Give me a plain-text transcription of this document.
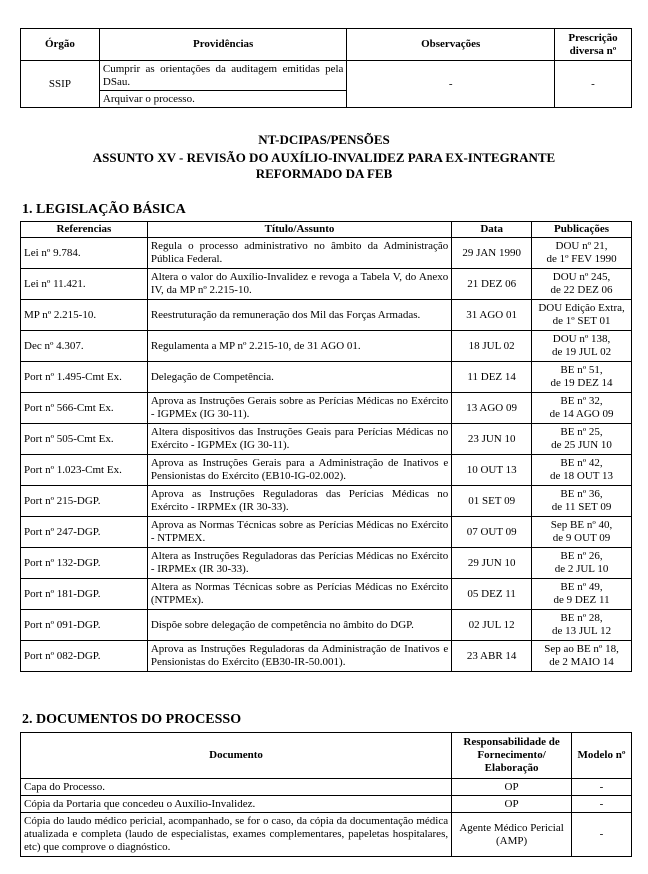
Órgão	Providências	Observações	Prescrição diversa nº
SSIP	Cumprir as orientações da auditagem emitidas pela DSau.	-	-
	Arquivar o processo.		
NT-DCIPAS/PENSÕES
ASSUNTO XV - REVISÃO DO AUXÍLIO-INVALIDEZ PARA EX-INTEGRANTE
REFORMADO DA FEB
1. LEGISLAÇÃO BÁSICA
Referencias	Título/Assunto	Data	Publicações
Lei nº 9.784.	Regula o processo administrativo no âmbito da Administração Pública Federal.	29 JAN 1990	DOU nº 21,
de 1º FEV 1990

Lei nº 11.421.	Altera o valor do Auxílio-Invalidez e revoga a Tabela V, do Anexo IV, da MP nº 2.215-10.	21 DEZ 06	DOU nº 245,
de 22 DEZ 06

MP nº 2.215-10.	Reestruturação da remuneração dos Mil das Forças Armadas.	31 AGO 01	DOU Edição Extra,
de 1º SET 01

Dec nº 4.307.	Regulamenta a MP nº 2.215-10, de 31 AGO 01.	18 JUL 02	DOU nº 138,
de 19 JUL 02

Port nº 1.495-Cmt Ex.	Delegação de Competência.	11 DEZ 14	BE nº 51,
de 19 DEZ 14

Port nº 566-Cmt Ex.	Aprova as Instruções Gerais sobre as Perícias Médicas no Exército - IGPMEx (IG 30-11).	13 AGO 09	BE nº 32,
de 14 AGO 09

Port nº 505-Cmt Ex.	Altera dispositivos das Instruções Geais para Perícias Médicas no Exército - IGPMEx (IG 30-11).	23 JUN 10	BE nº 25,
de 25 JUN 10

Port nº 1.023-Cmt Ex.	Aprova as Instruções Gerais para a Administração de Inativos e Pensionistas do Exército (EB10-IG-02.002).	10 OUT 13	BE nº 42,
de 18 OUT 13

Port nº 215-DGP.	Aprova as Instruções Reguladoras das Perícias Médicas no Exército - IRPMEx (IR 30-33).	01 SET 09	BE nº 36,
de 11 SET 09

Port nº 247-DGP.	Aprova as Normas Técnicas sobre as Perícias Médicas no Exército - NTPMEX.	07 OUT 09	Sep BE nº 40,
de 9 OUT 09

Port nº 132-DGP.	Altera as Instruções Reguladoras das Perícias Médicas no Exército - IRPMEx (IR 30-33).	29 JUN 10	BE nº 26,
de 2 JUL 10

Port nº 181-DGP.	Altera as Normas Técnicas sobre as Perícias Médicas no Exército (NTPMEx).	05 DEZ 11	BE nº 49,
de 9 DEZ 11

Port nº 091-DGP.	Dispõe sobre delegação de competência no âmbito do DGP.	02 JUL 12	BE nº 28,
de 13 JUL 12

Port nº 082-DGP.	Aprova as Instruções Reguladoras da Administração de Inativos e Pensionistas do Exército (EB30-IR-50.001).	23 ABR 14	Sep ao BE nº 18,
de 2 MAIO 14
2. DOCUMENTOS DO PROCESSO
Documento	Responsabilidade de Fornecimento/ Elaboração	Modelo nº
Capa do Processo.	OP	-
Cópia da Portaria que concedeu o Auxílio-Invalidez.	OP	-
Cópia do laudo médico pericial, acompanhado, se for o caso, da cópia da documentação médica atualizada e completa (laudo de especialistas, exames complementares, papeletas hospitalares, etc) que comprove o diagnóstico.	Agente Médico Pericial (AMP)	-
